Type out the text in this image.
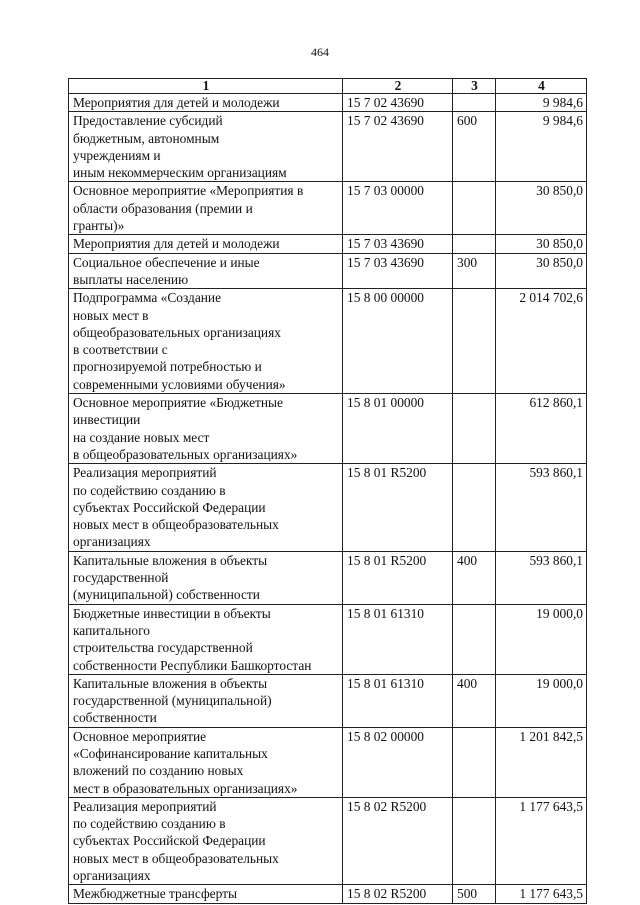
464
1	2	3	4
Мероприятия для детей и молодежи	15 7 02 43690		9 984,6
Предоставление субсидий
бюджетным, автономным
учреждениям и
иным некоммерческим организациям	15 7 02 43690	600	9 984,6
Основное мероприятие «Мероприятия в
области образования (премии и
гранты)»	15 7 03 00000		30 850,0
Мероприятия для детей и молодежи	15 7 03 43690		30 850,0
Социальное обеспечение и иные
выплаты населению	15 7 03 43690	300	30 850,0
Подпрограмма «Создание
новых мест в
общеобразовательных организациях
в соответствии с
прогнозируемой потребностью и современными условиями обучения»	15 8 00 00000		2 014 702,6
Основное мероприятие «Бюджетные инвестиции
на создание новых мест
в общеобразовательных организациях»	15 8 01 00000		612 860,1
Реализация мероприятий
по содействию созданию в
субъектах Российской Федерации
новых мест в общеобразовательных организациях	15 8 01 R5200		593 860,1
Капитальные вложения в объекты
государственной
(муниципальной) собственности	15 8 01 R5200	400	593 860,1
Бюджетные инвестиции в объекты капитального
строительства государственной
собственности Республики Башкортостан	15 8 01 61310		19 000,0
Капитальные вложения в объекты
государственной (муниципальной)
собственности	15 8 01 61310	400	19 000,0
Основное мероприятие
«Софинансирование капитальных
вложений по созданию новых
мест в образовательных организациях»	15 8 02 00000		1 201 842,5
Реализация мероприятий
по содействию созданию в
субъектах Российской Федерации
новых мест в общеобразовательных организациях	15 8 02 R5200		1 177 643,5
Межбюджетные трансферты	15 8 02 R5200	500	1 177 643,5
